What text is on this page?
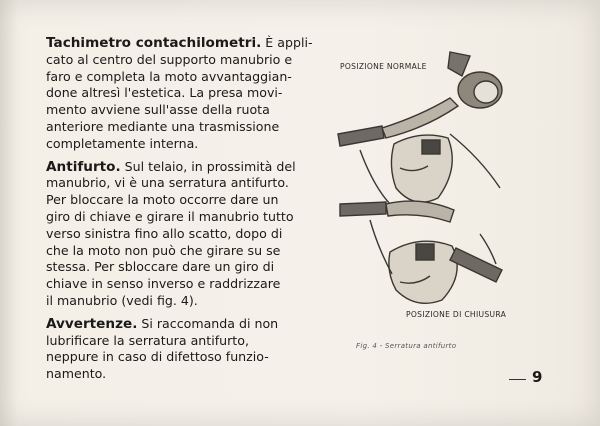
Tachimetro contachilometri. È appli-
cato al centro del supporto manubrio e
faro e completa la moto avvantaggian-
done altresì l'estetica. La presa movi-
mento avviene sull'asse della ruota
anteriore mediante una trasmissione
completamente interna.

Antifurto. Sul telaio, in prossimità del
manubrio, vi è una serratura antifurto.
Per bloccare la moto occorre dare un
giro di chiave e girare il manubrio tutto
verso sinistra fino allo scatto, dopo di
che la moto non può che girare su se
stessa. Per sbloccare dare un giro di
chiave in senso inverso e raddrizzare
il manubrio (vedi fig. 4).

Avvertenze. Si raccomanda di non
lubrificare la serratura antifurto,
neppure in caso di difettoso funzio-
namento.

POSIZIONE NORMALE
POSIZIONE DI CHIUSURA
Fig. 4 - Serratura antifurto
9
